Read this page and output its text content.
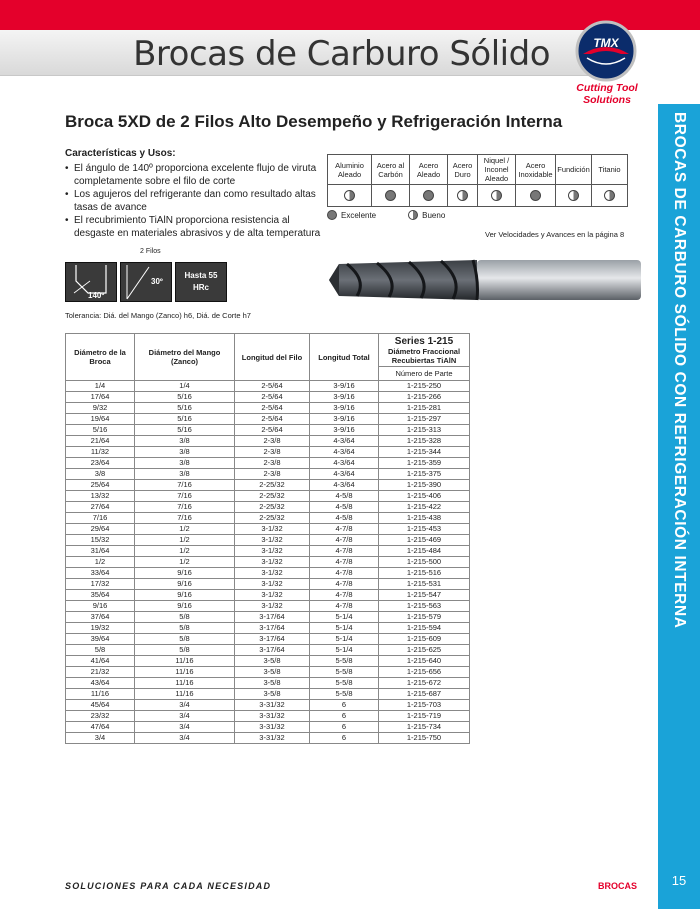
Brocas de Carburo Sólido	TMX
Cutting Tool
Solutions
BROCAS DE CARBURO SÓLIDO CON REFRIGERACIÓN INTERNA
15
Broca 5XD de 2 Filos Alto Desempeño y Refrigeración Interna
Características y Usos:
• El ángulo de 140º proporciona excelente flujo de viruta completamente sobre el filo de corte
• Los agujeros del refrigerante dan como resultado altas tasas de avance
• El recubrimiento TiAlN proporciona resistencia al desgaste en materiales abrasivos y de alta temperatura
2 Filos
140º
30º
Hasta 55
HRc
Tolerancia: Diá. del Mango (Zanco) h6, Diá. de Corte h7
Aluminio Aleado	Acero al Carbón	Acero Aleado	Acero Duro	Niquel / Inconel Aleado	Acero Inoxidable	Fundición	Titanio

Excelente	Bueno
Ver Velocidades y Avances en la página 8
Diámetro de la Broca	Diámetro del Mango (Zanco)	Longitud del Filo	Longitud Total	Series 1-215
Diámetro Fraccional Recubiertas TiAlN

				Número de Parte
1/4	1/4	2-5/64	3-9/16	1-215-250
17/64	5/16	2-5/64	3-9/16	1-215-266
9/32	5/16	2-5/64	3-9/16	1-215-281
19/64	5/16	2-5/64	3-9/16	1-215-297
5/16	5/16	2-5/64	3-9/16	1-215-313
21/64	3/8	2-3/8	4-3/64	1-215-328
11/32	3/8	2-3/8	4-3/64	1-215-344
23/64	3/8	2-3/8	4-3/64	1-215-359
3/8	3/8	2-3/8	4-3/64	1-215-375
25/64	7/16	2-25/32	4-3/64	1-215-390
13/32	7/16	2-25/32	4-5/8	1-215-406
27/64	7/16	2-25/32	4-5/8	1-215-422
7/16	7/16	2-25/32	4-5/8	1-215-438
29/64	1/2	3-1/32	4-7/8	1-215-453
15/32	1/2	3-1/32	4-7/8	1-215-469
31/64	1/2	3-1/32	4-7/8	1-215-484
1/2	1/2	3-1/32	4-7/8	1-215-500
33/64	9/16	3-1/32	4-7/8	1-215-516
17/32	9/16	3-1/32	4-7/8	1-215-531
35/64	9/16	3-1/32	4-7/8	1-215-547
9/16	9/16	3-1/32	4-7/8	1-215-563
37/64	5/8	3-17/64	5-1/4	1-215-579
19/32	5/8	3-17/64	5-1/4	1-215-594
39/64	5/8	3-17/64	5-1/4	1-215-609
5/8	5/8	3-17/64	5-1/4	1-215-625
41/64	11/16	3-5/8	5-5/8	1-215-640
21/32	11/16	3-5/8	5-5/8	1-215-656
43/64	11/16	3-5/8	5-5/8	1-215-672
11/16	11/16	3-5/8	5-5/8	1-215-687
45/64	3/4	3-31/32	6	1-215-703
23/32	3/4	3-31/32	6	1-215-719
47/64	3/4	3-31/32	6	1-215-734
3/4	3/4	3-31/32	6	1-215-750
SOLUCIONES PARA CADA NECESIDAD	BROCAS
